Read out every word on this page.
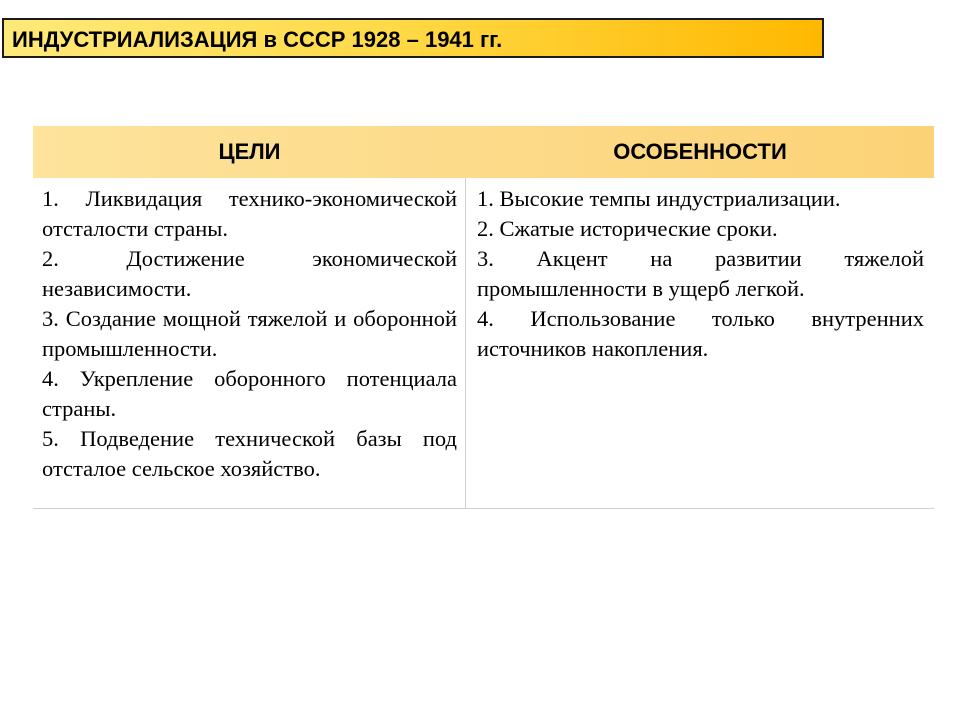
ИНДУСТРИАЛИЗАЦИЯ в СССР 1928 – 1941 гг.
ЦЕЛИ	ОСОБЕННОСТИ

1. Ликвидация технико-экономической отсталости страны.

2. Достижение экономической независимости.

3. Создание мощной тяжелой и оборонной промышленности.

4. Укрепление оборонного потенциала страны.

5. Подведение технической базы под отсталое сельское хозяйство.

1. Высокие темпы индустриализации.

2. Сжатые исторические сроки.

3. Акцент на развитии тяжелой промышленности в ущерб легкой.

4. Использование только внутренних источников накопления.
